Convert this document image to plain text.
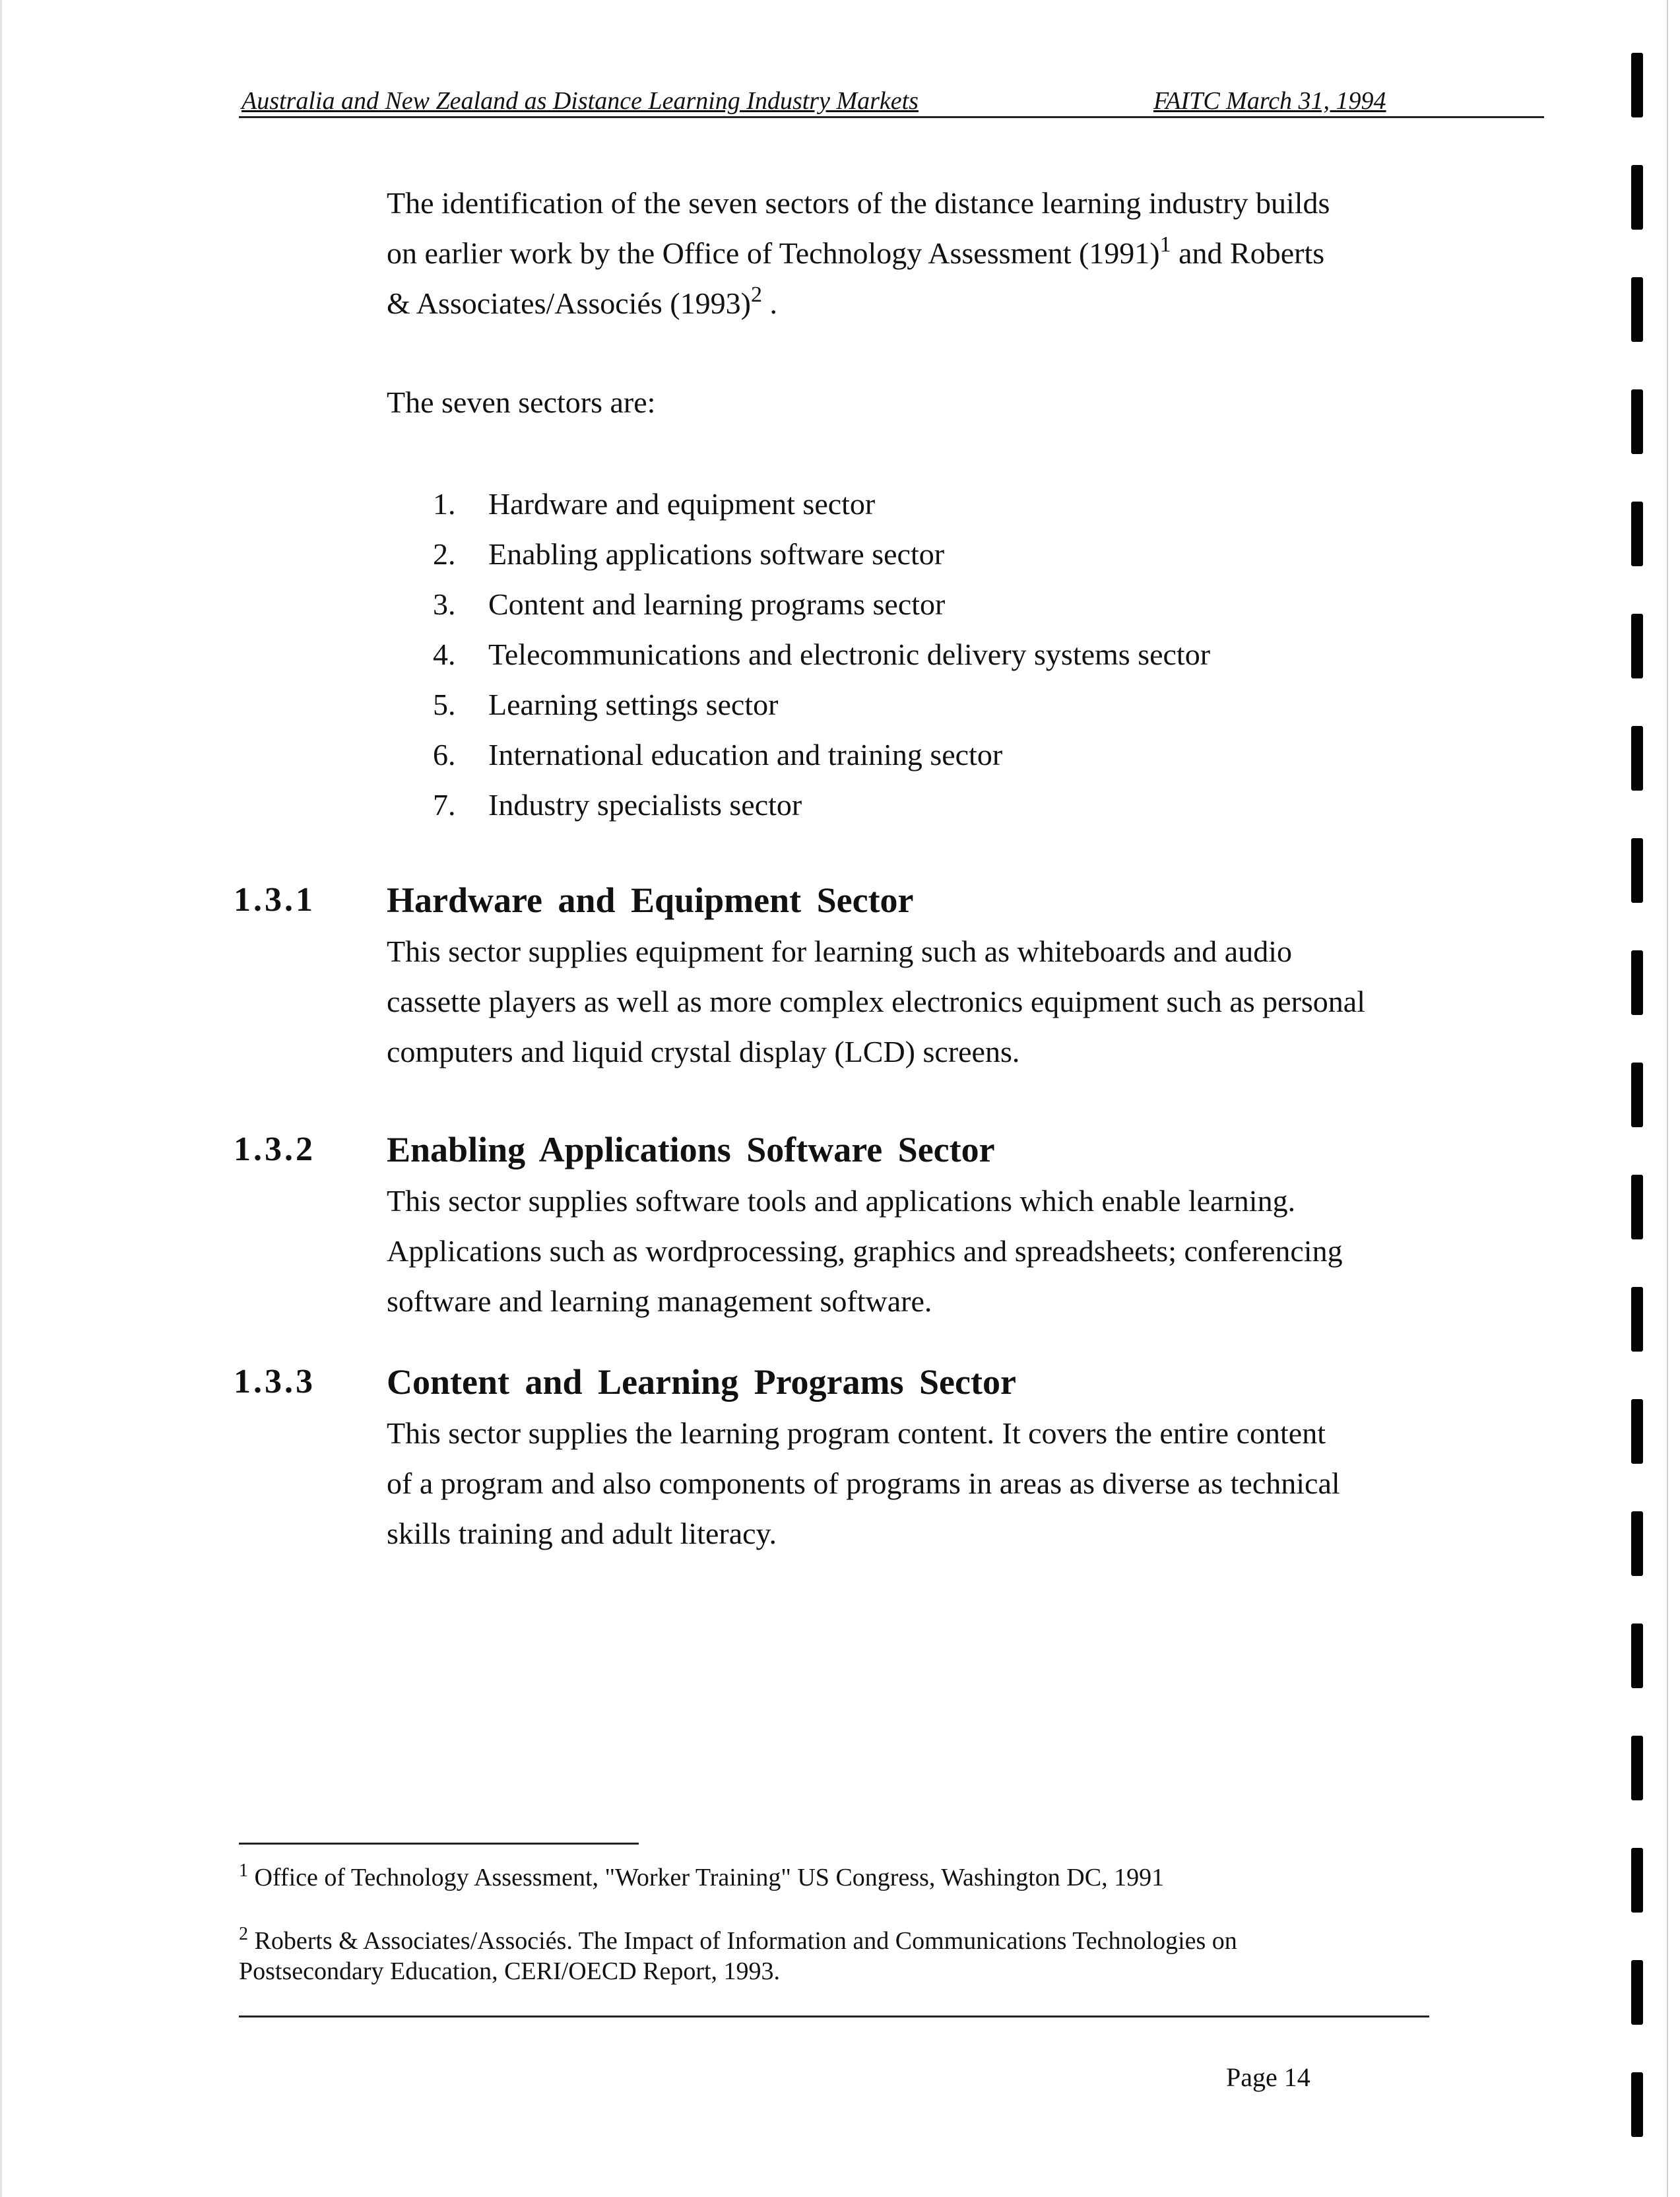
Australia and New Zealand as Distance Learning Industry Markets	FAITC March 31, 1994
The identification of the seven sectors of the distance learning industry builds
on earlier work by the Office of Technology Assessment (1991)$^1$ and Roberts
& Associates/Associés (1993)$^2$ .
The seven sectors are:
1.	Hardware and equipment sector
2.	Enabling applications software sector
3.	Content and learning programs sector
4.	Telecommunications and electronic delivery systems sector
5.	Learning settings sector
6.	International education and training sector
7.	Industry specialists sector
1.3.1 Hardware and Equipment Sector
This sector supplies equipment for learning such as whiteboards and audio
cassette players as well as more complex electronics equipment such as personal
computers and liquid crystal display (LCD) screens.
1.3.2 Enabling Applications Software Sector
This sector supplies software tools and applications which enable learning.
Applications such as wordprocessing, graphics and spreadsheets; conferencing
software and learning management software.
1.3.3 Content and Learning Programs Sector
This sector supplies the learning program content. It covers the entire content
of a program and also components of programs in areas as diverse as technical
skills training and adult literacy.
$^1$ Office of Technology Assessment, "Worker Training" US Congress, Washington DC, 1991
$^2$ Roberts & Associates/Associés. The Impact of Information and Communications Technologies on
Postsecondary Education, CERI/OECD Report, 1993.
Page 14
